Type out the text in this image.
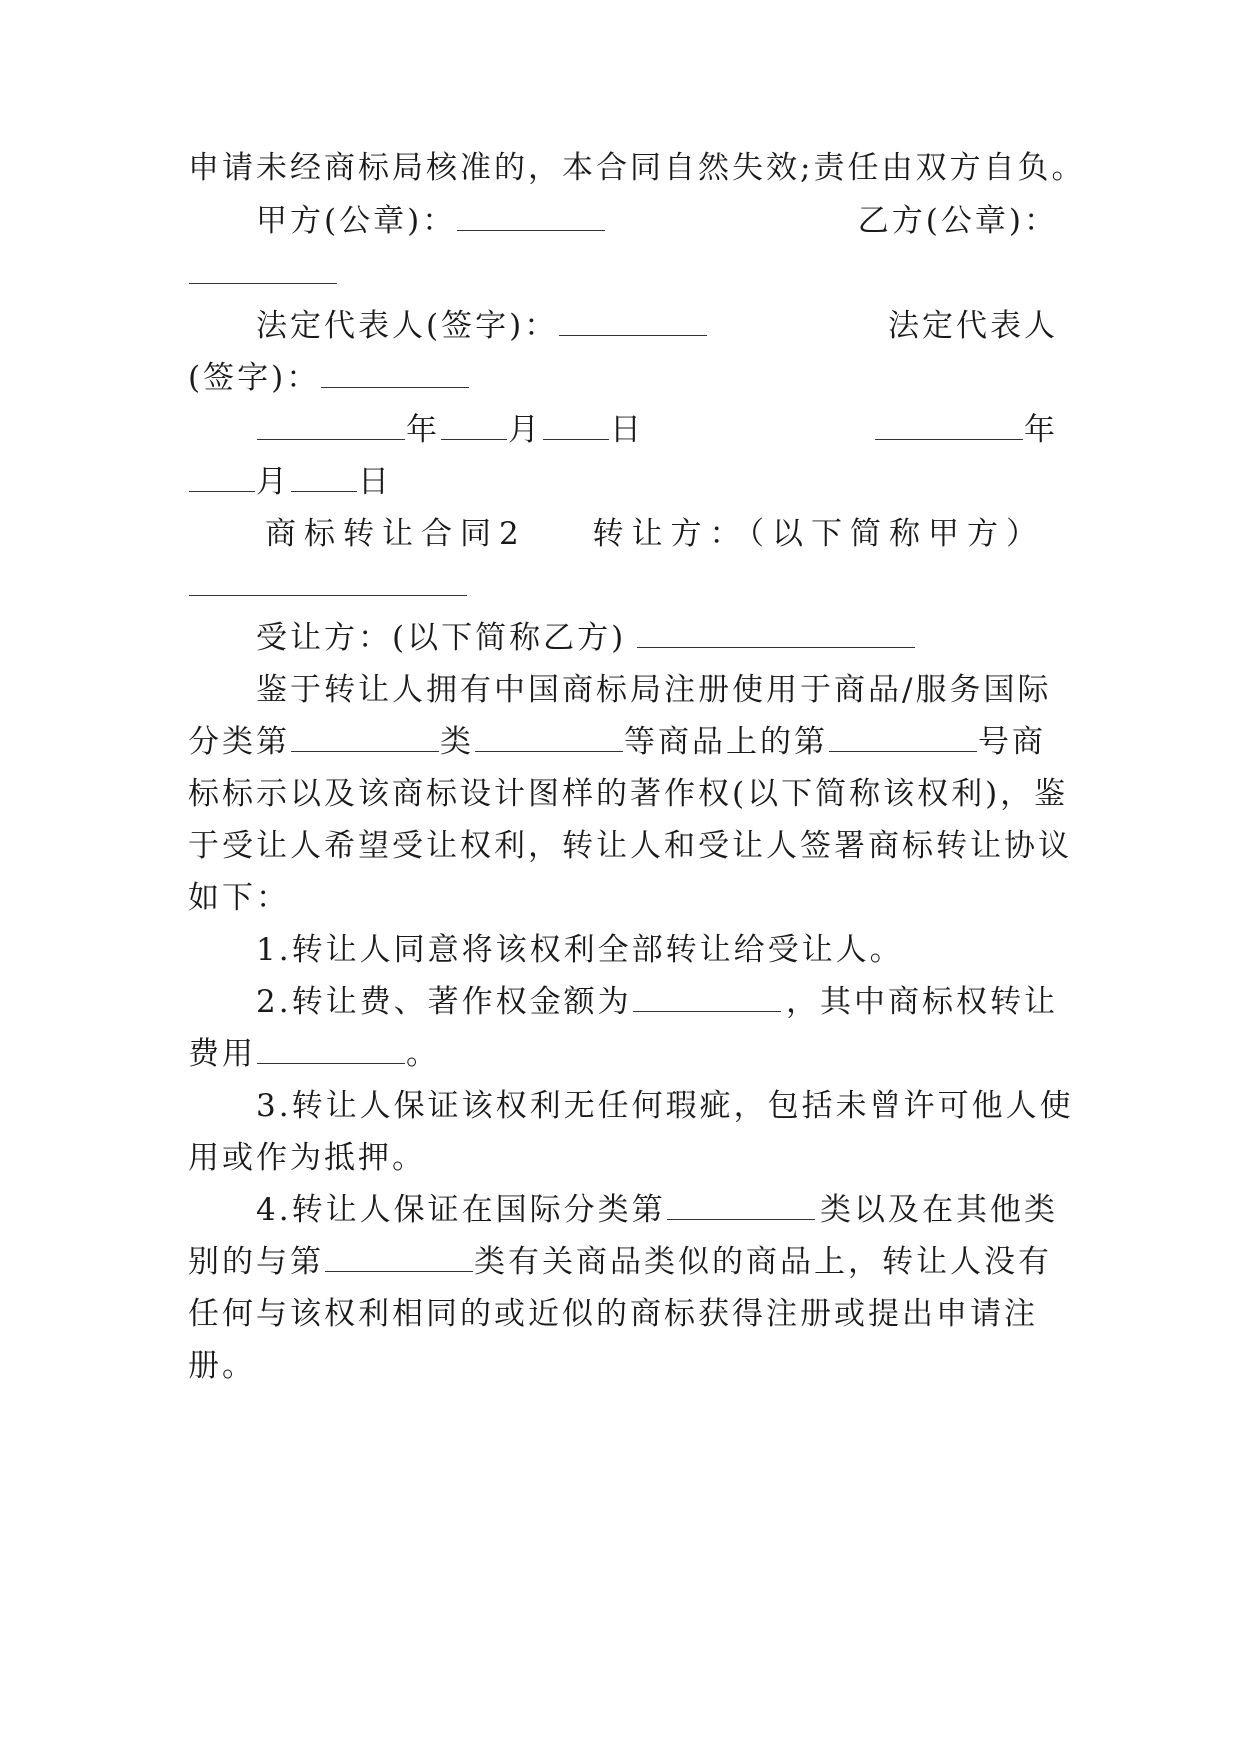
申请未经商标局核准的，本合同自然失效;责任由双方自负。
甲方(公章)：	乙方(公章)：
法定代表人(签字)：	法定代表人
(签字)：
年 月 日	年
月 日
商标转让合同2 转让方：（以下简称甲方）
受让方：(以下简称乙方)
鉴于转让人拥有中国商标局注册使用于商品/服务国际
分类第	类	等商品上的第	号商
标标示以及该商标设计图样的著作权(以下简称该权利)，鉴
于受让人希望受让权利，转让人和受让人签署商标转让协议
如下：
1.转让人同意将该权利全部转让给受让人。
2.转让费、著作权金额为	，其中商标权转让
费用	。
3.转让人保证该权利无任何瑕疵，包括未曾许可他人使
用或作为抵押。
4.转让人保证在国际分类第	类以及在其他类
别的与第	类有关商品类似的商品上，转让人没有
任何与该权利相同的或近似的商标获得注册或提出申请注
册。
